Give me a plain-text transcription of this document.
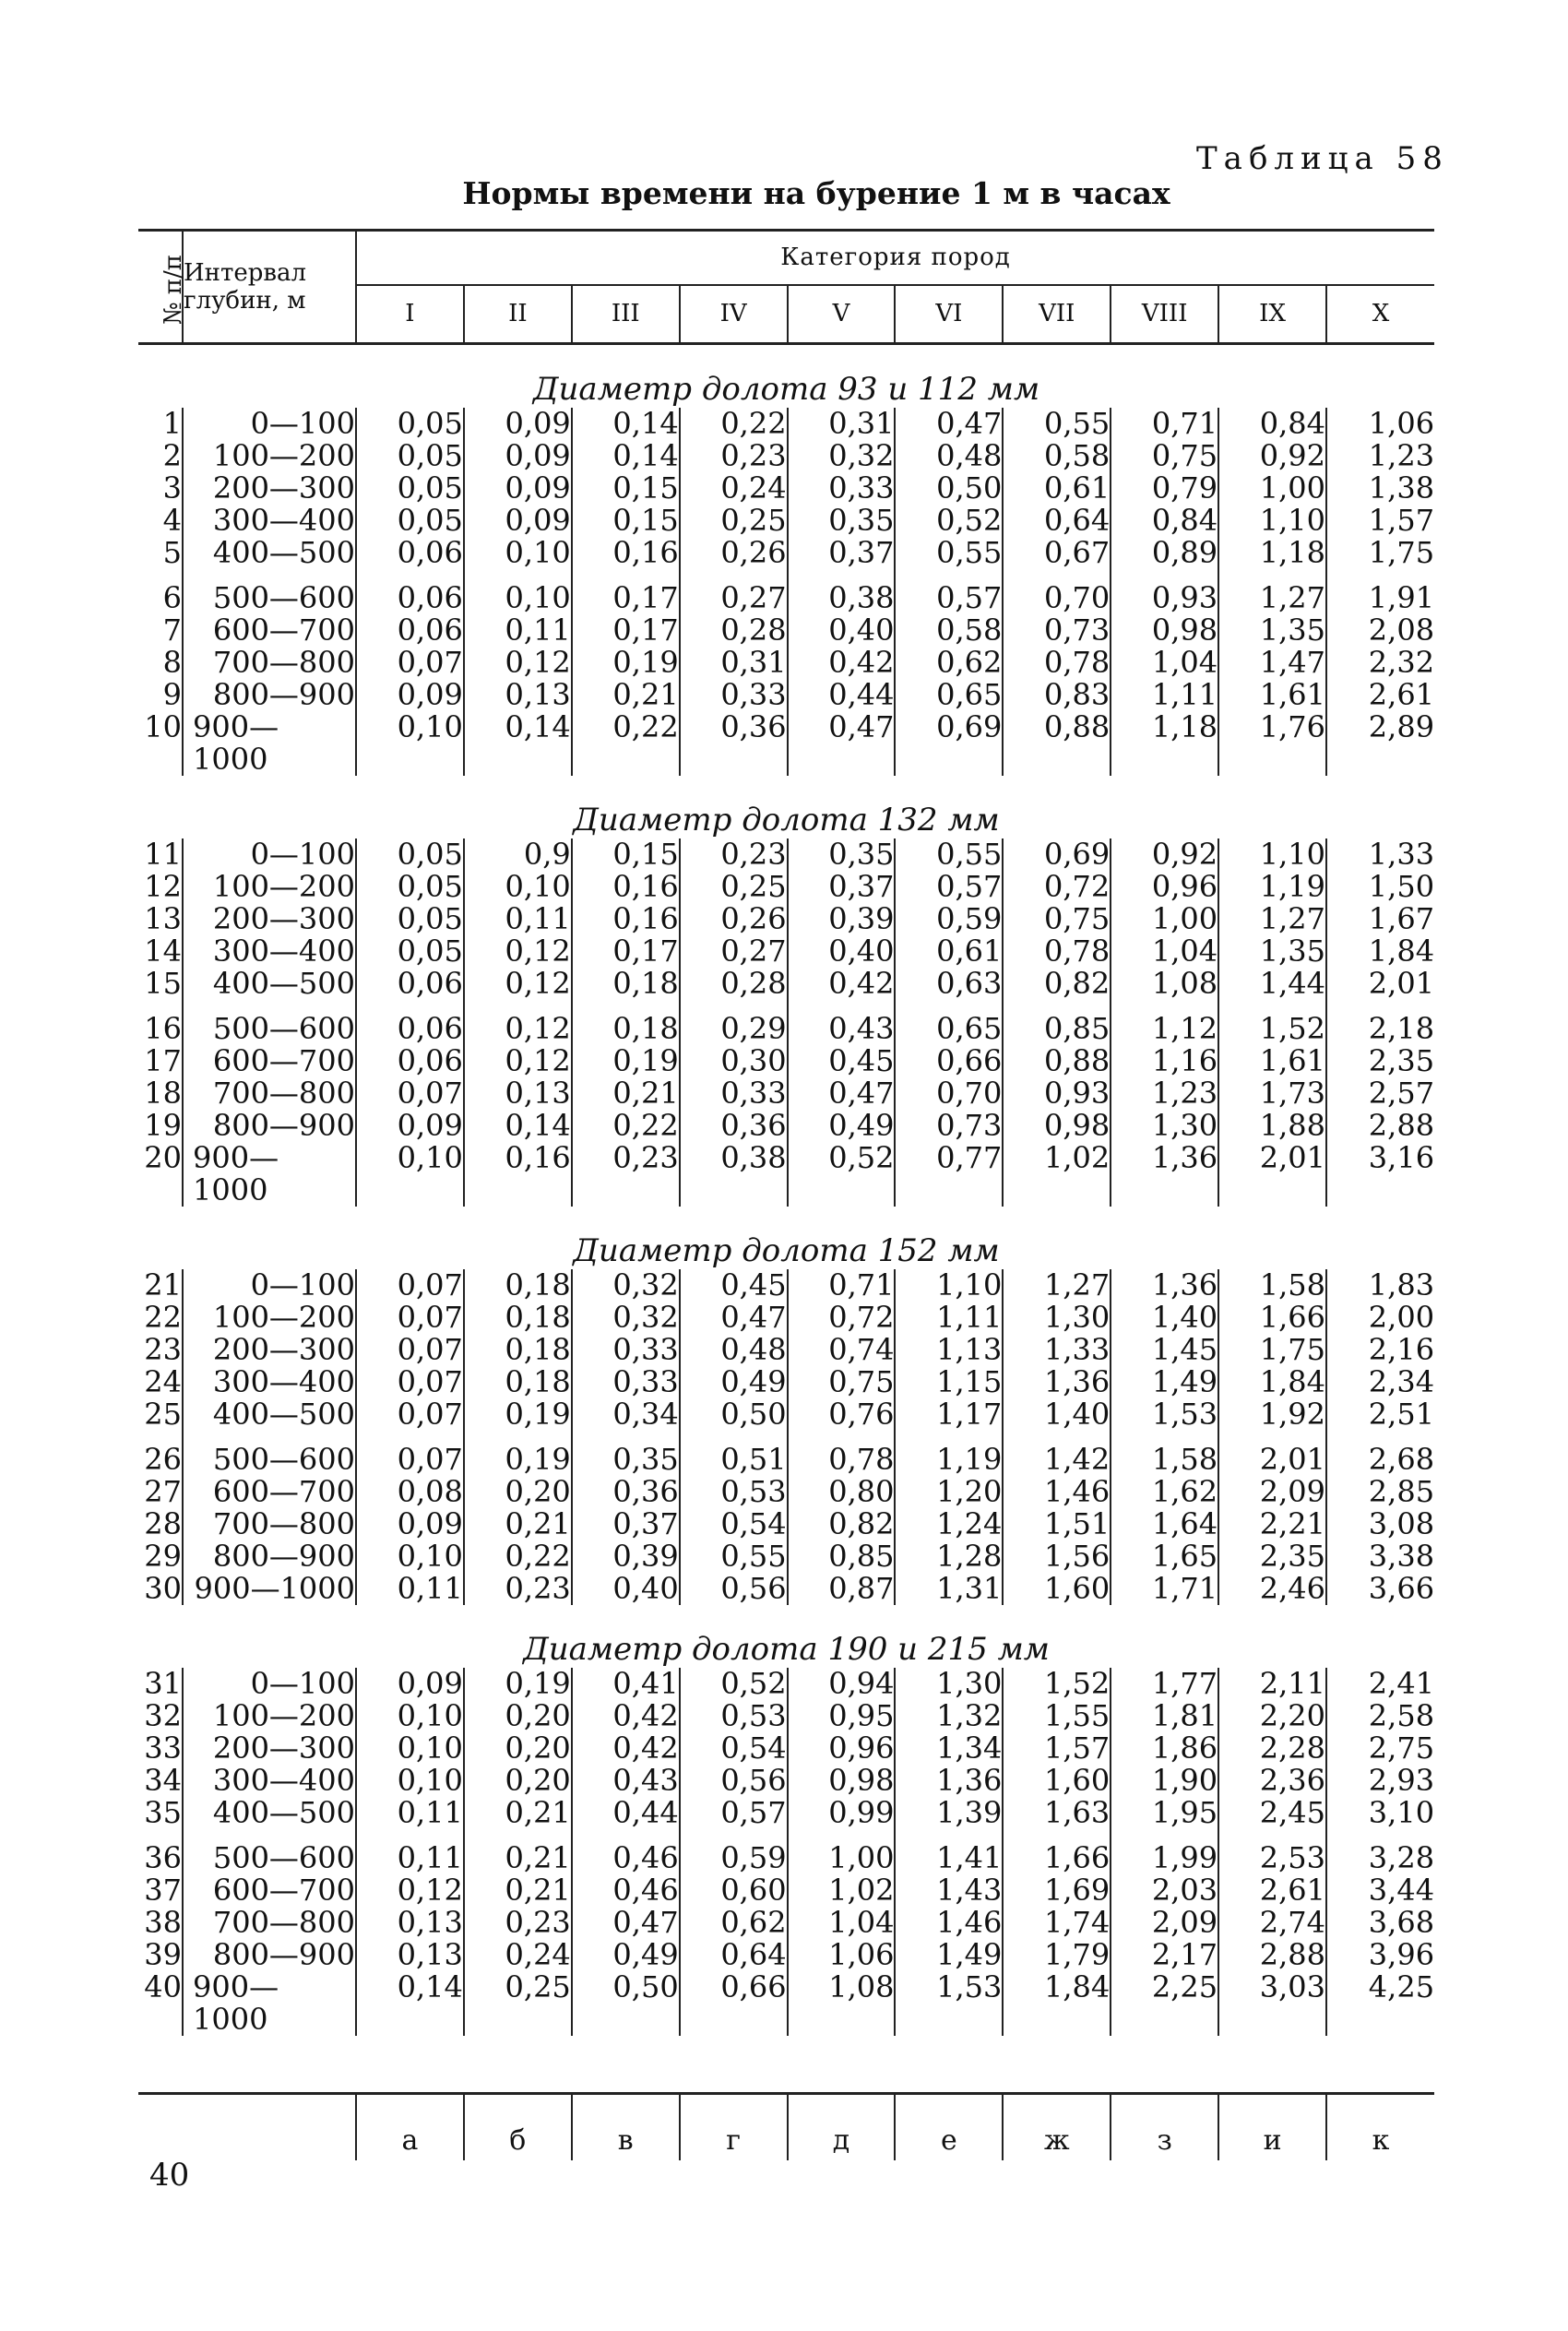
Таблица 58
Нормы времени на бурение 1 м в часах
№ п/п	Интервал глубин, м	Категория пород									
		I	II	III	IV	V	VI	VII	VIII	IX	X
Диаметр долота 93 и 112 мм											
1	0—100	0,05	0,09	0,14	0,22	0,31	0,47	0,55	0,71	0,84	1,06
2	100—200	0,05	0,09	0,14	0,23	0,32	0,48	0,58	0,75	0,92	1,23
3	200—300	0,05	0,09	0,15	0,24	0,33	0,50	0,61	0,79	1,00	1,38
4	300—400	0,05	0,09	0,15	0,25	0,35	0,52	0,64	0,84	1,10	1,57
5	400—500	0,06	0,10	0,16	0,26	0,37	0,55	0,67	0,89	1,18	1,75
6	500—600	0,06	0,10	0,17	0,27	0,38	0,57	0,70	0,93	1,27	1,91
7	600—700	0,06	0,11	0,17	0,28	0,40	0,58	0,73	0,98	1,35	2,08
8	700—800	0,07	0,12	0,19	0,31	0,42	0,62	0,78	1,04	1,47	2,32
9	800—900	0,09	0,13	0,21	0,33	0,44	0,65	0,83	1,11	1,61	2,61
10	900—	0,10	0,14	0,22	0,36	0,47	0,69	0,88	1,18	1,76	2,89
	1000										
Диаметр долота 132 мм											
11	0—100	0,05	0,9	0,15	0,23	0,35	0,55	0,69	0,92	1,10	1,33
12	100—200	0,05	0,10	0,16	0,25	0,37	0,57	0,72	0,96	1,19	1,50
13	200—300	0,05	0,11	0,16	0,26	0,39	0,59	0,75	1,00	1,27	1,67
14	300—400	0,05	0,12	0,17	0,27	0,40	0,61	0,78	1,04	1,35	1,84
15	400—500	0,06	0,12	0,18	0,28	0,42	0,63	0,82	1,08	1,44	2,01
16	500—600	0,06	0,12	0,18	0,29	0,43	0,65	0,85	1,12	1,52	2,18
17	600—700	0,06	0,12	0,19	0,30	0,45	0,66	0,88	1,16	1,61	2,35
18	700—800	0,07	0,13	0,21	0,33	0,47	0,70	0,93	1,23	1,73	2,57
19	800—900	0,09	0,14	0,22	0,36	0,49	0,73	0,98	1,30	1,88	2,88
20	900—	0,10	0,16	0,23	0,38	0,52	0,77	1,02	1,36	2,01	3,16
	1000										
Диаметр долота 152 мм											
21	0—100	0,07	0,18	0,32	0,45	0,71	1,10	1,27	1,36	1,58	1,83
22	100—200	0,07	0,18	0,32	0,47	0,72	1,11	1,30	1,40	1,66	2,00
23	200—300	0,07	0,18	0,33	0,48	0,74	1,13	1,33	1,45	1,75	2,16
24	300—400	0,07	0,18	0,33	0,49	0,75	1,15	1,36	1,49	1,84	2,34
25	400—500	0,07	0,19	0,34	0,50	0,76	1,17	1,40	1,53	1,92	2,51
26	500—600	0,07	0,19	0,35	0,51	0,78	1,19	1,42	1,58	2,01	2,68
27	600—700	0,08	0,20	0,36	0,53	0,80	1,20	1,46	1,62	2,09	2,85
28	700—800	0,09	0,21	0,37	0,54	0,82	1,24	1,51	1,64	2,21	3,08
29	800—900	0,10	0,22	0,39	0,55	0,85	1,28	1,56	1,65	2,35	3,38
30	900—1000	0,11	0,23	0,40	0,56	0,87	1,31	1,60	1,71	2,46	3,66
Диаметр долота 190 и 215 мм											
31	0—100	0,09	0,19	0,41	0,52	0,94	1,30	1,52	1,77	2,11	2,41
32	100—200	0,10	0,20	0,42	0,53	0,95	1,32	1,55	1,81	2,20	2,58
33	200—300	0,10	0,20	0,42	0,54	0,96	1,34	1,57	1,86	2,28	2,75
34	300—400	0,10	0,20	0,43	0,56	0,98	1,36	1,60	1,90	2,36	2,93
35	400—500	0,11	0,21	0,44	0,57	0,99	1,39	1,63	1,95	2,45	3,10
36	500—600	0,11	0,21	0,46	0,59	1,00	1,41	1,66	1,99	2,53	3,28
37	600—700	0,12	0,21	0,46	0,60	1,02	1,43	1,69	2,03	2,61	3,44
38	700—800	0,13	0,23	0,47	0,62	1,04	1,46	1,74	2,09	2,74	3,68
39	800—900	0,13	0,24	0,49	0,64	1,06	1,49	1,79	2,17	2,88	3,96
40	900—	0,14	0,25	0,50	0,66	1,08	1,53	1,84	2,25	3,03	4,25
	1000										
		а	б	в	г	д	е	ж	з	и	к
40
